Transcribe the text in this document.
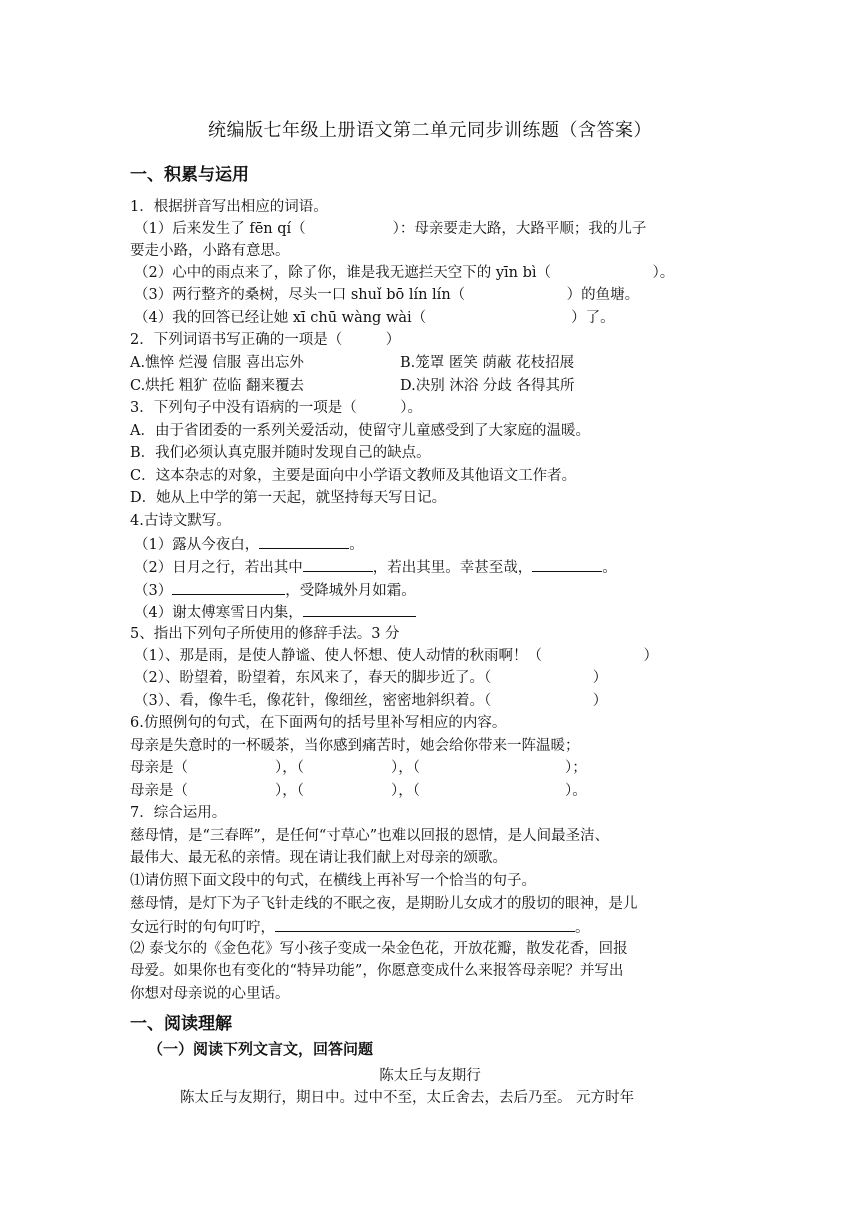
统编版七年级上册语文第二单元同步训练题（含答案）
一、积累与运用
1．根据拼音写出相应的词语。
（1）后来发生了 fēn qí（　　　　　　）：母亲要走大路，大路平顺；我的儿子
要走小路，小路有意思。
（2）心中的雨点来了，除了你，谁是我无遮拦天空下的 yīn bì（　　　　　　　）。
（3）两行整齐的桑树，尽头一口 shuǐ bō lín lín（　　　　　　　）的鱼塘。
（4）我的回答已经让她 xī chū wàng wài（　　　　　　　　　　）了。
2．下列词语书写正确的一项是（　　　）
A.憔悴 烂漫 信服 喜出忘外	B.笼罩 匿笑 荫蔽 花枝招展
C.烘托 粗犷 莅临 翻来覆去	D.决别 沐浴 分歧 各得其所
3．下列句子中没有语病的一项是（　　　）。
A．由于省团委的一系列关爱活动，使留守儿童感受到了大家庭的温暖。
B．我们必须认真克服并随时发现自己的缺点。
C．这本杂志的对象，主要是面向中小学语文教师及其他语文工作者。
D．她从上中学的第一天起，就坚持每天写日记。
4.古诗文默写。
（1）露从今夜白，	。
（2）日月之行，若出其中	，若出其里。幸甚至哉，	。
（3）	，受降城外月如霜。
（4）谢太傅寒雪日内集，
5、指出下列句子所使用的修辞手法。3 分
（1）、那是雨，是使人静谧、使人怀想、使人动情的秋雨啊！（　　　　　　　）
（2）、盼望着，盼望着，东风来了，春天的脚步近了。（　　　　　　　）
（3）、看，像牛毛，像花针，像细丝，密密地斜织着。（　　　　　　　）
6.仿照例句的句式，在下面两句的括号里补写相应的内容。
母亲是失意时的一杯暖茶，当你感到痛苦时，她会给你带来一阵温暖；
母亲是（　　　　　　），（　　　　　　），（　　　　　　　　　　）；
母亲是（　　　　　　），（　　　　　　），（　　　　　　　　　　）。
7．综合运用。
慈母情，是“三春晖”，是任何“寸草心”也难以回报的恩情，是人间最圣洁、
最伟大、最无私的亲情。现在请让我们献上对母亲的颂歌。
⑴请仿照下面文段中的句式，在横线上再补写一个恰当的句子。
慈母情，是灯下为子飞针走线的不眠之夜，是期盼儿女成才的殷切的眼神，是儿
女远行时的句句叮咛，	。
⑵ 泰戈尔的《金色花》写小孩子变成一朵金色花，开放花瓣，散发花香，回报
母爱。如果你也有变化的“特异功能”，你愿意变成什么来报答母亲呢？并写出
你想对母亲说的心里话。
一、阅读理解
（一）阅读下列文言文，回答问题
陈太丘与友期行
陈太丘与友期行，期日中。过中不至，太丘舍去，去后乃至。 元方时年
